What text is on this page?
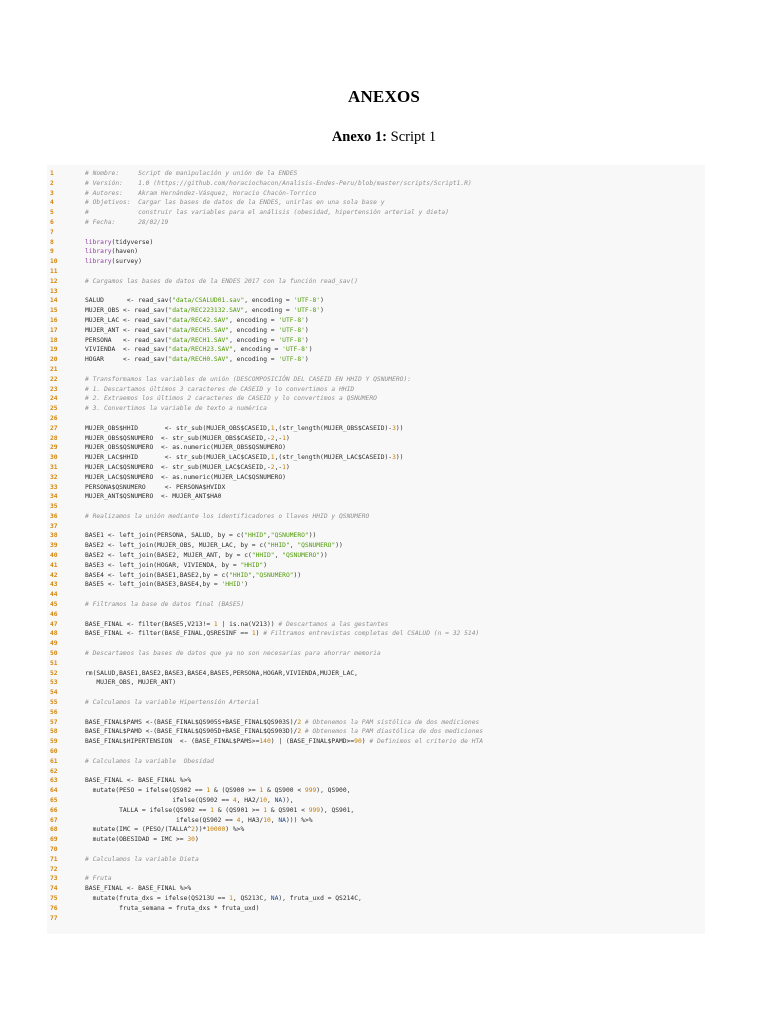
ANEXOS
Anexo 1: Script 1
1	# Nombre:     Script de manipulación y unión de la ENDES
2	# Versión:    1.0 (https://github.com/horaciochacon/Analisis-Endes-Peru/blob/master/scripts/Script1.R)
3	# Autores:    Akram Hernández-Vásquez, Horacio Chacón-Torrico
4	# Objetivos:  Cargar las bases de datos de la ENDES, unirlas en una sola base y
5	#             construir las variables para el análisis (obesidad, hipertensión arterial y dieta)
6	# Fecha:      28/02/19
7
8	library(tidyverse)
9	library(haven)
10	library(survey)
11
12	# Cargamos las bases de datos de la ENDES 2017 con la función read_sav()
13
14	SALUD      <- read_sav("data/CSALUD01.sav", encoding = 'UTF-8')
15	MUJER_OBS <- read_sav("data/REC223132.SAV", encoding = 'UTF-8')
16	MUJER_LAC <- read_sav("data/REC42.SAV", encoding = 'UTF-8')
17	MUJER_ANT <- read_sav("data/RECH5.SAV", encoding = 'UTF-8')
18	PERSONA   <- read_sav("data/RECH1.SAV", encoding = 'UTF-8')
19	VIVIENDA  <- read_sav("data/RECH23.SAV", encoding = 'UTF-8')
20	HOGAR     <- read_sav("data/RECH0.SAV", encoding = 'UTF-8')
21
22	# Transformamos las variables de unión (DESCOMPOSICIÓN DEL CASEID EN HHID Y QSNUMERO):
23	# 1. Descartamos últimos 3 caracteres de CASEID y lo convertimos a HHID
24	# 2. Extraemos los últimos 2 caracteres de CASEID y lo convertimos a QSNUMERO
25	# 3. Convertimos la variable de texto a numérica
26
27	MUJER_OBS$HHID       <- str_sub(MUJER_OBS$CASEID,1,(str_length(MUJER_OBS$CASEID)-3))
28	MUJER_OBS$QSNUMERO  <- str_sub(MUJER_OBS$CASEID,-2,-1)
29	MUJER_OBS$QSNUMERO  <- as.numeric(MUJER_OBS$QSNUMERO)
30	MUJER_LAC$HHID       <- str_sub(MUJER_LAC$CASEID,1,(str_length(MUJER_LAC$CASEID)-3))
31	MUJER_LAC$QSNUMERO  <- str_sub(MUJER_LAC$CASEID,-2,-1)
32	MUJER_LAC$QSNUMERO  <- as.numeric(MUJER_LAC$QSNUMERO)
33	PERSONA$QSNUMERO     <- PERSONA$HVIDX
34	MUJER_ANT$QSNUMERO  <- MUJER_ANT$HA0
35
36	# Realizamos la unión mediante los identificadores o llaves HHID y QSNUMERO
37
38	BASE1 <- left_join(PERSONA, SALUD, by = c("HHID","QSNUMERO"))
39	BASE2 <- left_join(MUJER_OBS, MUJER_LAC, by = c("HHID", "QSNUMERO"))
40	BASE2 <- left_join(BASE2, MUJER_ANT, by = c("HHID", "QSNUMERO"))
41	BASE3 <- left_join(HOGAR, VIVIENDA, by = "HHID")
42	BASE4 <- left_join(BASE1,BASE2,by = c("HHID","QSNUMERO"))
43	BASE5 <- left_join(BASE3,BASE4,by = 'HHID')
44
45	# Filtramos la base de datos final (BASE5)
46
47	BASE_FINAL <- filter(BASE5,V213!= 1 | is.na(V213)) # Descartamos a las gestantes
48	BASE_FINAL <- filter(BASE_FINAL,QSRESINF == 1) # Filtramos entrevistas completas del CSALUD (n = 32 514)
49
50	# Descartamos las bases de datos que ya no son necesarias para ahorrar memoria
51
52	rm(SALUD,BASE1,BASE2,BASE3,BASE4,BASE5,PERSONA,HOGAR,VIVIENDA,MUJER_LAC,
53	MUJER_OBS, MUJER_ANT)
54
55	# Calculamos la variable Hipertensión Arterial
56
57	BASE_FINAL$PAMS <-(BASE_FINAL$QS905S+BASE_FINAL$QS903S)/2 # Obtenemos la PAM sistólica de dos mediciones
58	BASE_FINAL$PAMD <-(BASE_FINAL$QS905D+BASE_FINAL$QS903D)/2 # Obtenemos la PAM diastólica de dos mediciones
59	BASE_FINAL$HIPERTENSION  <- (BASE_FINAL$PAMS>=140) | (BASE_FINAL$PAMD>=90) # Definimos el criterio de HTA
60
61	# Calculamos la variable  Obesidad
62
63	BASE_FINAL <- BASE_FINAL %>%
64	mutate(PESO = ifelse(QS902 == 1 & (QS900 >= 1 & QS900 < 999), QS900,
65	ifelse(QS902 == 4, HA2/10, NA)),
66	TALLA = ifelse(QS902 == 1 & (QS901 >= 1 & QS901 < 999), QS901,
67	ifelse(QS902 == 4, HA3/10, NA))) %>%
68	mutate(IMC = (PESO/(TALLA^2))*10000) %>%
69	mutate(OBESIDAD = IMC >= 30)
70
71	# Calculamos la variable Dieta
72
73	# Fruta
74	BASE_FINAL <- BASE_FINAL %>%
75	mutate(fruta_dxs = ifelse(QS213U == 1, QS213C, NA), fruta_uxd = QS214C,
76	fruta_semana = fruta_dxs * fruta_uxd)
77
